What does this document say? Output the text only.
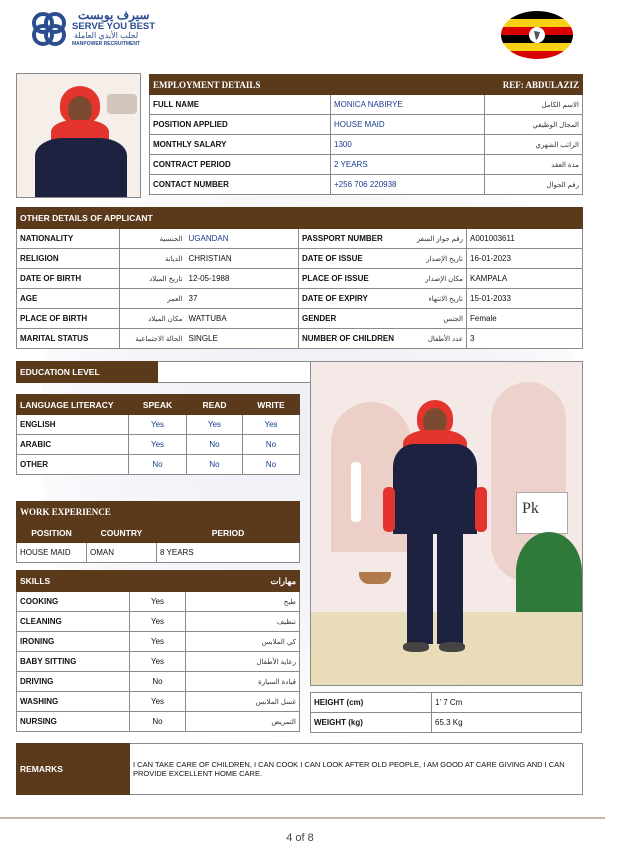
سيرف يوبست
SERVE YOU BEST
لجلب الأيدي العاملة
MANPOWER RECRUITMENT
EMPLOYMENT DETAILS		REF: ABDULAZIZ
FULL NAME	MONICA NABIRYE	الاسم الكامل
POSITION APPLIED	HOUSE MAID	المجال الوظيفي
MONTHLY SALARY	1300	الراتب الشهري
CONTRACT PERIOD	2 YEARS	مدة العقد
CONTACT NUMBER	+256 706 220938	رقم الجوال
OTHER DETAILS OF APPLICANT					
NATIONALITY	الجنسية	UGANDAN	PASSPORT NUMBER	رقم جواز السفر	A001003611
RELIGION	الديانة	CHRISTIAN	DATE OF ISSUE	تاريخ الإصدار	16-01-2023
DATE OF BIRTH	تاريخ الميلاد	12-05-1988	PLACE OF ISSUE	مكان الإصدار	KAMPALA
AGE	العمر	37	DATE OF EXPIRY	تاريخ الانتهاء	15-01-2033
PLACE OF BIRTH	مكان الميلاد	WATTUBA	GENDER	الجنس	Female
MARITAL STATUS	الحالة الاجتماعية	SINGLE	NUMBER OF CHILDREN	عدد الأطفال	3
EDUCATION LEVEL	
LANGUAGE LITERACY	SPEAK	READ	WRITE
ENGLISH	Yes	Yes	Yes
ARABIC	Yes	No	No
OTHER	No	No	No
WORK EXPERIENCE		
POSITION	COUNTRY	PERIOD
HOUSE MAID	OMAN	8 YEARS
SKILLS		مهارات
COOKING	Yes	طبخ
CLEANING	Yes	تنظيف
IRONING	Yes	كي الملابس
BABY SITTING	Yes	رعاية الأطفال
DRIVING	No	قيادة السيارة
WASHING	Yes	غسل الملابس
NURSING	No	التمريض
Pk
HEIGHT (cm)	1' 7 Cm
WEIGHT (kg)	65.3 Kg
REMARKS	I CAN TAKE CARE OF CHILDREN, I CAN COOK I CAN LOOK AFTER OLD PEOPLE, I AM GOOD AT CARE GIVING AND I CAN PROVIDE EXCELLENT HOME CARE.
4 of 8
